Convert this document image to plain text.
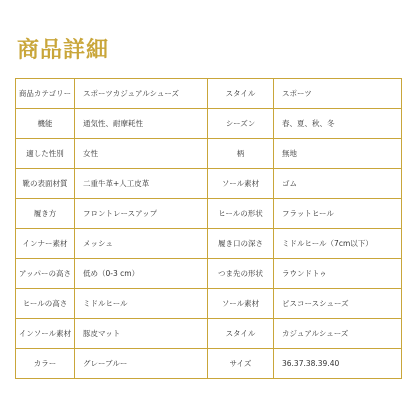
商品詳細
商品カテゴリー	スポーツカジュアルシューズ	スタイル	スポーツ
機能	通気性、耐摩耗性	シーズン	春、夏、秋、冬
適した性別	女性	柄	無地
靴の表面材質	二重牛革+人工皮革	ソール素材	ゴム
履き方	フロントレースアップ	ヒールの形状	フラットヒール
インナー素材	メッシュ	履き口の深さ	ミドルヒール（7cm以下）
アッパーの高さ	低め（0-3 cm）	つま先の形状	ラウンドトゥ
ヒールの高さ	ミドルヒール	ソール素材	ピスコースシューズ
インソール素材	豚皮マット	スタイル	カジュアルシューズ
カラー	グレーブルー	サイズ	36.37.38.39.40
